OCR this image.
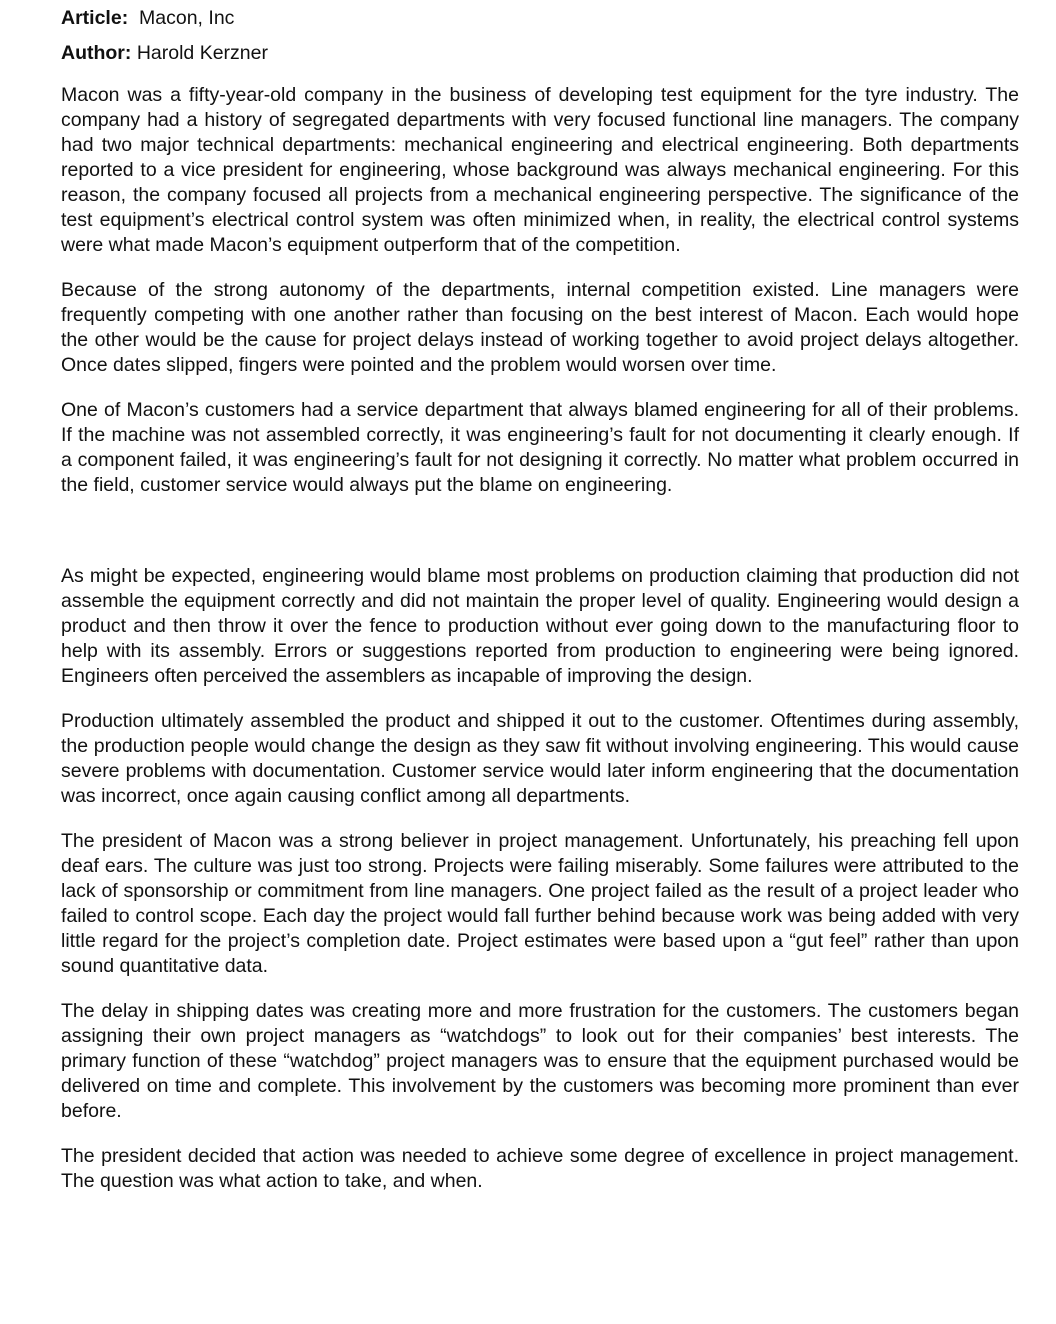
Article: Macon, Inc

Author: Harold Kerzner

Macon was a fifty-year-old company in the business of developing test equipment for the tyre industry. The company had a history of segregated departments with very focused functional line managers. The company had two major technical departments: mechanical engineering and electrical engineering. Both departments reported to a vice president for engineering, whose background was always mechanical engineering. For this reason, the company focused all projects from a mechanical engineering perspective. The significance of the test equipment’s electrical control system was often minimized when, in reality, the electrical control systems were what made Macon’s equipment outperform that of the competition.

Because of the strong autonomy of the departments, internal competition existed. Line managers were frequently competing with one another rather than focusing on the best interest of Macon. Each would hope the other would be the cause for project delays instead of working together to avoid project delays altogether. Once dates slipped, fingers were pointed and the problem would worsen over time.

One of Macon’s customers had a service department that always blamed engineering for all of their problems. If the machine was not assembled correctly, it was engineering’s fault for not documenting it clearly enough. If a component failed, it was engineering’s fault for not designing it correctly. No matter what problem occurred in the field, customer service would always put the blame on engineering.

As might be expected, engineering would blame most problems on production claiming that production did not assemble the equipment correctly and did not maintain the proper level of quality. Engineering would design a product and then throw it over the fence to production without ever going down to the manufacturing floor to help with its assembly. Errors or suggestions reported from production to engineering were being ignored. Engineers often perceived the assemblers as incapable of improving the design.

Production ultimately assembled the product and shipped it out to the customer. Oftentimes during assembly, the production people would change the design as they saw fit without involving engineering. This would cause severe problems with documentation. Customer service would later inform engineering that the documentation was incorrect, once again causing conflict among all departments.

The president of Macon was a strong believer in project management. Unfortunately, his preaching fell upon deaf ears. The culture was just too strong. Projects were failing miserably. Some failures were attributed to the lack of sponsorship or commitment from line managers. One project failed as the result of a project leader who failed to control scope. Each day the project would fall further behind because work was being added with very little regard for the project’s completion date. Project estimates were based upon a “gut feel” rather than upon sound quantitative data.

The delay in shipping dates was creating more and more frustration for the customers. The customers began assigning their own project managers as “watchdogs” to look out for their companies’ best interests. The primary function of these “watchdog” project managers was to ensure that the equipment purchased would be delivered on time and complete. This involvement by the customers was becoming more prominent than ever before.

The president decided that action was needed to achieve some degree of excellence in project management. The question was what action to take, and when.
